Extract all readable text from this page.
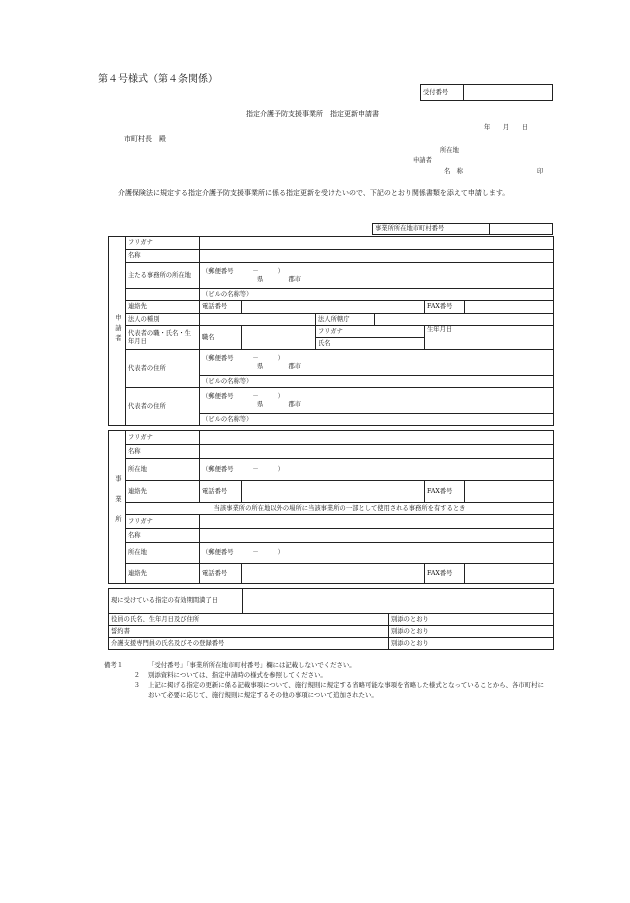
第４号様式（第４条関係）
受付番号	
指定介護予防支援事業所　指定更新申請書
年　　月　　日
市町村長　殿
所在地
申請者
名　称	印
介護保険法に規定する指定介護予防支援事業所に係る指定更新を受けたいので、下記のとおり関係書類を添えて申請します。
事業所所在地市町村番号	
申請者	フリガナ						
	名称						
	主たる事務所の所在地	（郵便番号　　　－　　　）
県　　　　 郡市					

		（ビルの名称等）					
	連絡先	電話番号				FAX番号	
	法人の種別			法人所轄庁			
	代表者の職・氏名・生年月日	職名		フリガナ		生年月日	
				氏名			
	代表者の住所	（郵便番号　　　－　　　）
県　　　　 郡市					

		（ビルの名称等）					
	代表者の住所	（郵便番号　　　－　　　）
県　　　　 郡市					

		（ビルの名称等）					
事業所	フリガナ				
	名称				
	所在地	（郵便番号　　　－　　　）			
	連絡先	電話番号		FAX番号	
	当該事業所の所在地以外の場所に当該事業所の一部として使用される事務所を有するとき				
	フリガナ				
	名称				
	所在地	（郵便番号　　　－　　　）			
	連絡先	電話番号		FAX番号	
現に受けている指定の有効期間満了日		
役員の氏名、生年月日及び住所		別添のとおり
誓約書		別添のとおり
介護支援専門員の氏名及びその登録番号		別添のとおり
備考１	「受付番号」「事業所所在地市町村番号」欄には記載しないでください。
２	別添資料については、指定申請時の様式を参照してください。
３	上記に掲げる指定の更新に係る記載事項について、施行規則に規定する省略可能な事項を省略した様式となっていることから、各市町村において必要に応じて、施行規則に規定するその他の事項について追加されたい。
